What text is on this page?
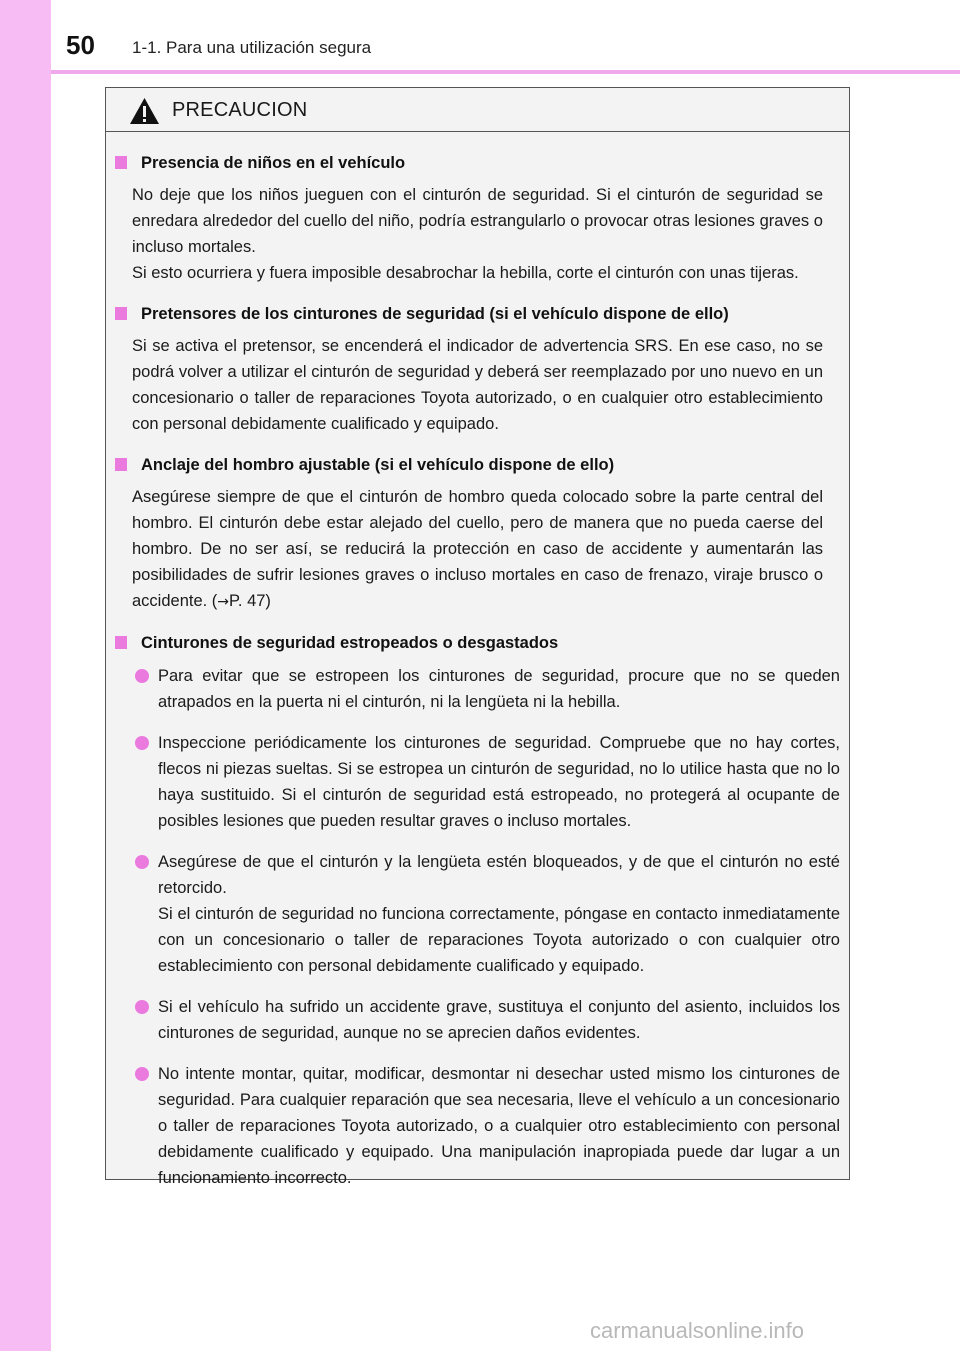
50 1-1. Para una utilización segura
PRECAUCION
Presencia de niños en el vehículo
No deje que los niños jueguen con el cinturón de seguridad. Si el cinturón de seguridad se enredara alrededor del cuello del niño, podría estrangularlo o provocar otras lesiones graves o incluso mortales.
Si esto ocurriera y fuera imposible desabrochar la hebilla, corte el cinturón con unas tijeras.
Pretensores de los cinturones de seguridad (si el vehículo dispone de ello)
Si se activa el pretensor, se encenderá el indicador de advertencia SRS. En ese caso, no se podrá volver a utilizar el cinturón de seguridad y deberá ser reemplazado por uno nuevo en un concesionario o taller de reparaciones Toyota autorizado, o en cualquier otro establecimiento con personal debidamente cualificado y equipado.
Anclaje del hombro ajustable (si el vehículo dispone de ello)
Asegúrese siempre de que el cinturón de hombro queda colocado sobre la parte central del hombro. El cinturón debe estar alejado del cuello, pero de manera que no pueda caerse del hombro. De no ser así, se reducirá la protección en caso de accidente y aumentarán las posibilidades de sufrir lesiones graves o incluso mortales en caso de frenazo, viraje brusco o accidente. (→P. 47)
Cinturones de seguridad estropeados o desgastados

Para evitar que se estropeen los cinturones de seguridad, procure que no se queden atrapados en la puerta ni el cinturón, ni la lengüeta ni la hebilla.

Inspeccione periódicamente los cinturones de seguridad. Compruebe que no hay cortes, flecos ni piezas sueltas. Si se estropea un cinturón de seguridad, no lo utilice hasta que no lo haya sustituido. Si el cinturón de seguridad está estropeado, no protegerá al ocupante de posibles lesiones que pueden resultar graves o incluso mortales.

Asegúrese de que el cinturón y la lengüeta estén bloqueados, y de que el cinturón no esté retorcido.

Si el cinturón de seguridad no funciona correctamente, póngase en contacto inmediatamente con un concesionario o taller de reparaciones Toyota autorizado o con cualquier otro establecimiento con personal debidamente cualificado y equipado.

Si el vehículo ha sufrido un accidente grave, sustituya el conjunto del asiento, incluidos los cinturones de seguridad, aunque no se aprecien daños evidentes.

No intente montar, quitar, modificar, desmontar ni desechar usted mismo los cinturones de seguridad. Para cualquier reparación que sea necesaria, lleve el vehículo a un concesionario o taller de reparaciones Toyota autorizado, o a cualquier otro establecimiento con personal debidamente cualificado y equipado. Una manipulación inapropiada puede dar lugar a un funcionamiento incorrecto.

carmanualsonline.info
